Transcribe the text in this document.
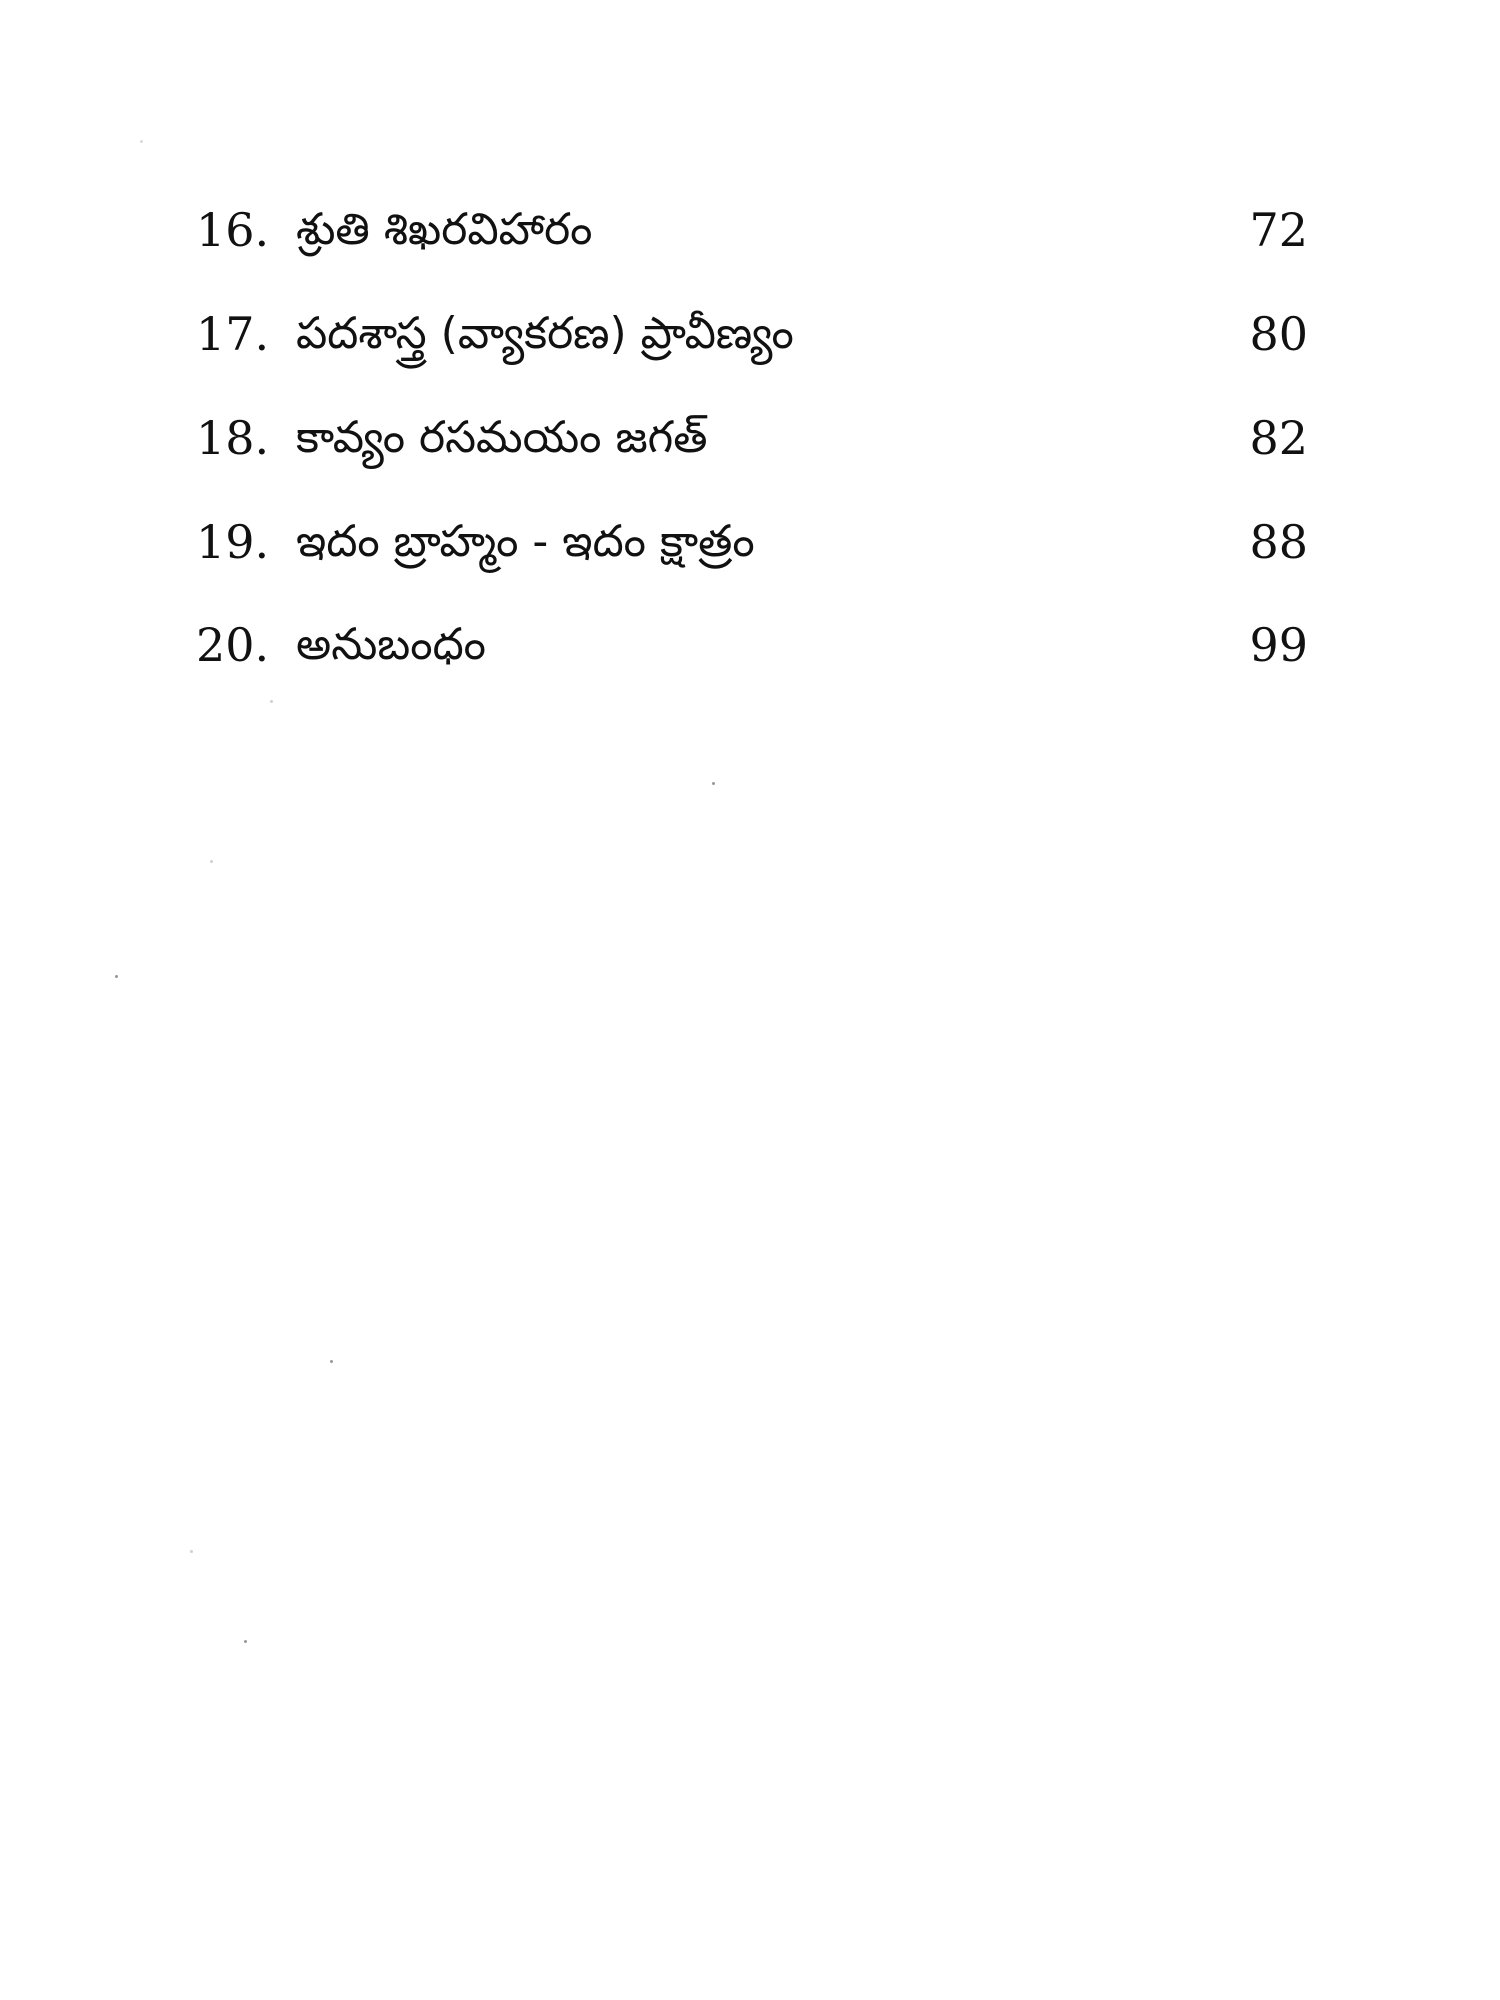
16. శ్రుతి శిఖరవిహారం	72
17. పదశాస్త్ర (వ్యాకరణ) ప్రావీణ్యం	80
18. కావ్యం రసమయం జగత్	82
19. ఇదం బ్రాహ్మం - ఇదం క్షాత్రం	88
20. అనుబంధం	99
